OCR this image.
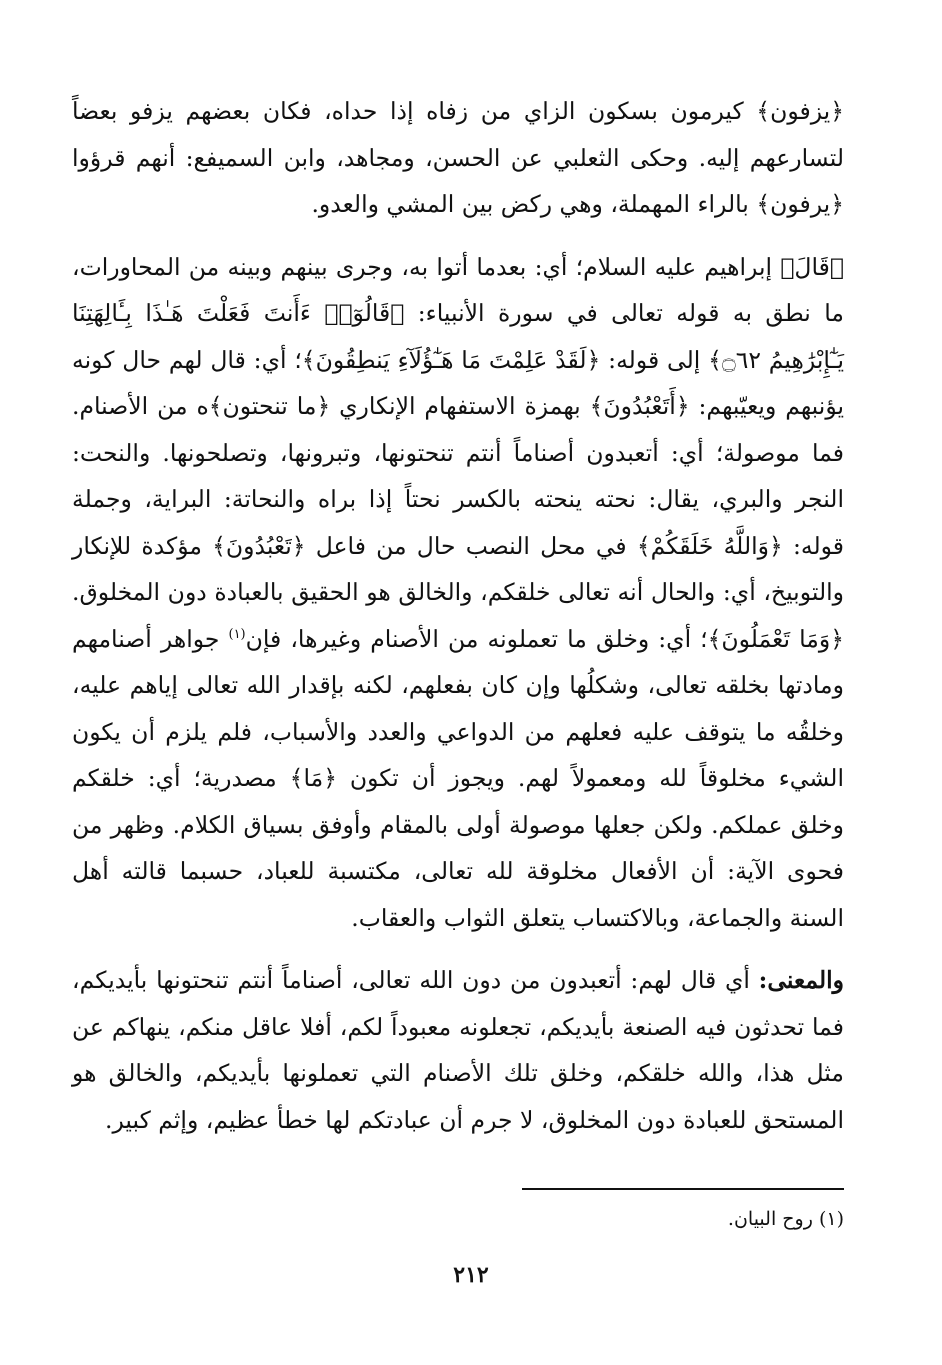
﴿يزفون﴾ كيرمون بسكون الزاي من زفاه إذا حداه، فكان بعضهم يزفو بعضاً لتسارعهم إليه. وحكى الثعلبي عن الحسن، ومجاهد، وابن السميفع: أنهم قرؤوا ﴿يرفون﴾ بالراء المهملة، وهي ركض بين المشي والعدو.

﴿قَالَ﴾ إبراهيم عليه السلام؛ أي: بعدما أتوا به، وجرى بينهم وبينه من المحاورات، ما نطق به قوله تعالى في سورة الأنبياء: ﴿قَالُوٓا۟ ءَأَنتَ فَعَلْتَ هَـٰذَا بِـَٔالِهَتِنَا يَـٰٓإِبْرَٰهِيمُ ۝٦٢﴾ إلى قوله: ﴿لَقَدْ عَلِمْتَ مَا هَـٰٓؤُلَآءِ يَنطِقُونَ﴾؛ أي: قال لهم حال كونه يؤنبهم ويعيّبهم: ﴿أَتَعْبُدُونَ﴾ بهمزة الاستفهام الإنكاري ﴿ما تنحتون﴾ه من الأصنام. فما موصولة؛ أي: أتعبدون أصناماً أنتم تنحتونها، وتبرونها، وتصلحونها. والنحت: النجر والبري، يقال: نحته ينحته بالكسر نحتاً إذا براه والنحاتة: البراية، وجملة قوله: ﴿وَاللَّهُ خَلَقَكُمْ﴾ في محل النصب حال من فاعل ﴿تَعْبُدُونَ﴾ مؤكدة للإنكار والتوبيخ، أي: والحال أنه تعالى خلقكم، والخالق هو الحقيق بالعبادة دون المخلوق. ﴿وَمَا تَعْمَلُونَ﴾؛ أي: وخلق ما تعملونه من الأصنام وغيرها، فإن$^{(١)}$ جواهر أصنامهم ومادتها بخلقه تعالى، وشكلُها وإن كان بفعلهم، لكنه بإقدار الله تعالى إياهم عليه، وخلقُه ما يتوقف عليه فعلهم من الدواعي والعدد والأسباب، فلم يلزم أن يكون الشيء مخلوقاً لله ومعمولاً لهم. ويجوز أن تكون ﴿مَا﴾ مصدرية؛ أي: خلقكم وخلق عملكم. ولكن جعلها موصولة أولى بالمقام وأوفق بسياق الكلام. وظهر من فحوى الآية: أن الأفعال مخلوقة لله تعالى، مكتسبة للعباد، حسبما قالته أهل السنة والجماعة، وبالاكتساب يتعلق الثواب والعقاب.

والمعنى: أي قال لهم: أتعبدون من دون الله تعالى، أصناماً أنتم تنحتونها بأيديكم، فما تحدثون فيه الصنعة بأيديكم، تجعلونه معبوداً لكم، أفلا عاقل منكم، ينهاكم عن مثل هذا، والله خلقكم، وخلق تلك الأصنام التي تعملونها بأيديكم، والخالق هو المستحق للعبادة دون المخلوق، لا جرم أن عبادتكم لها خطأ عظيم، وإثم كبير.

(١) روح البيان.
٢١٢
